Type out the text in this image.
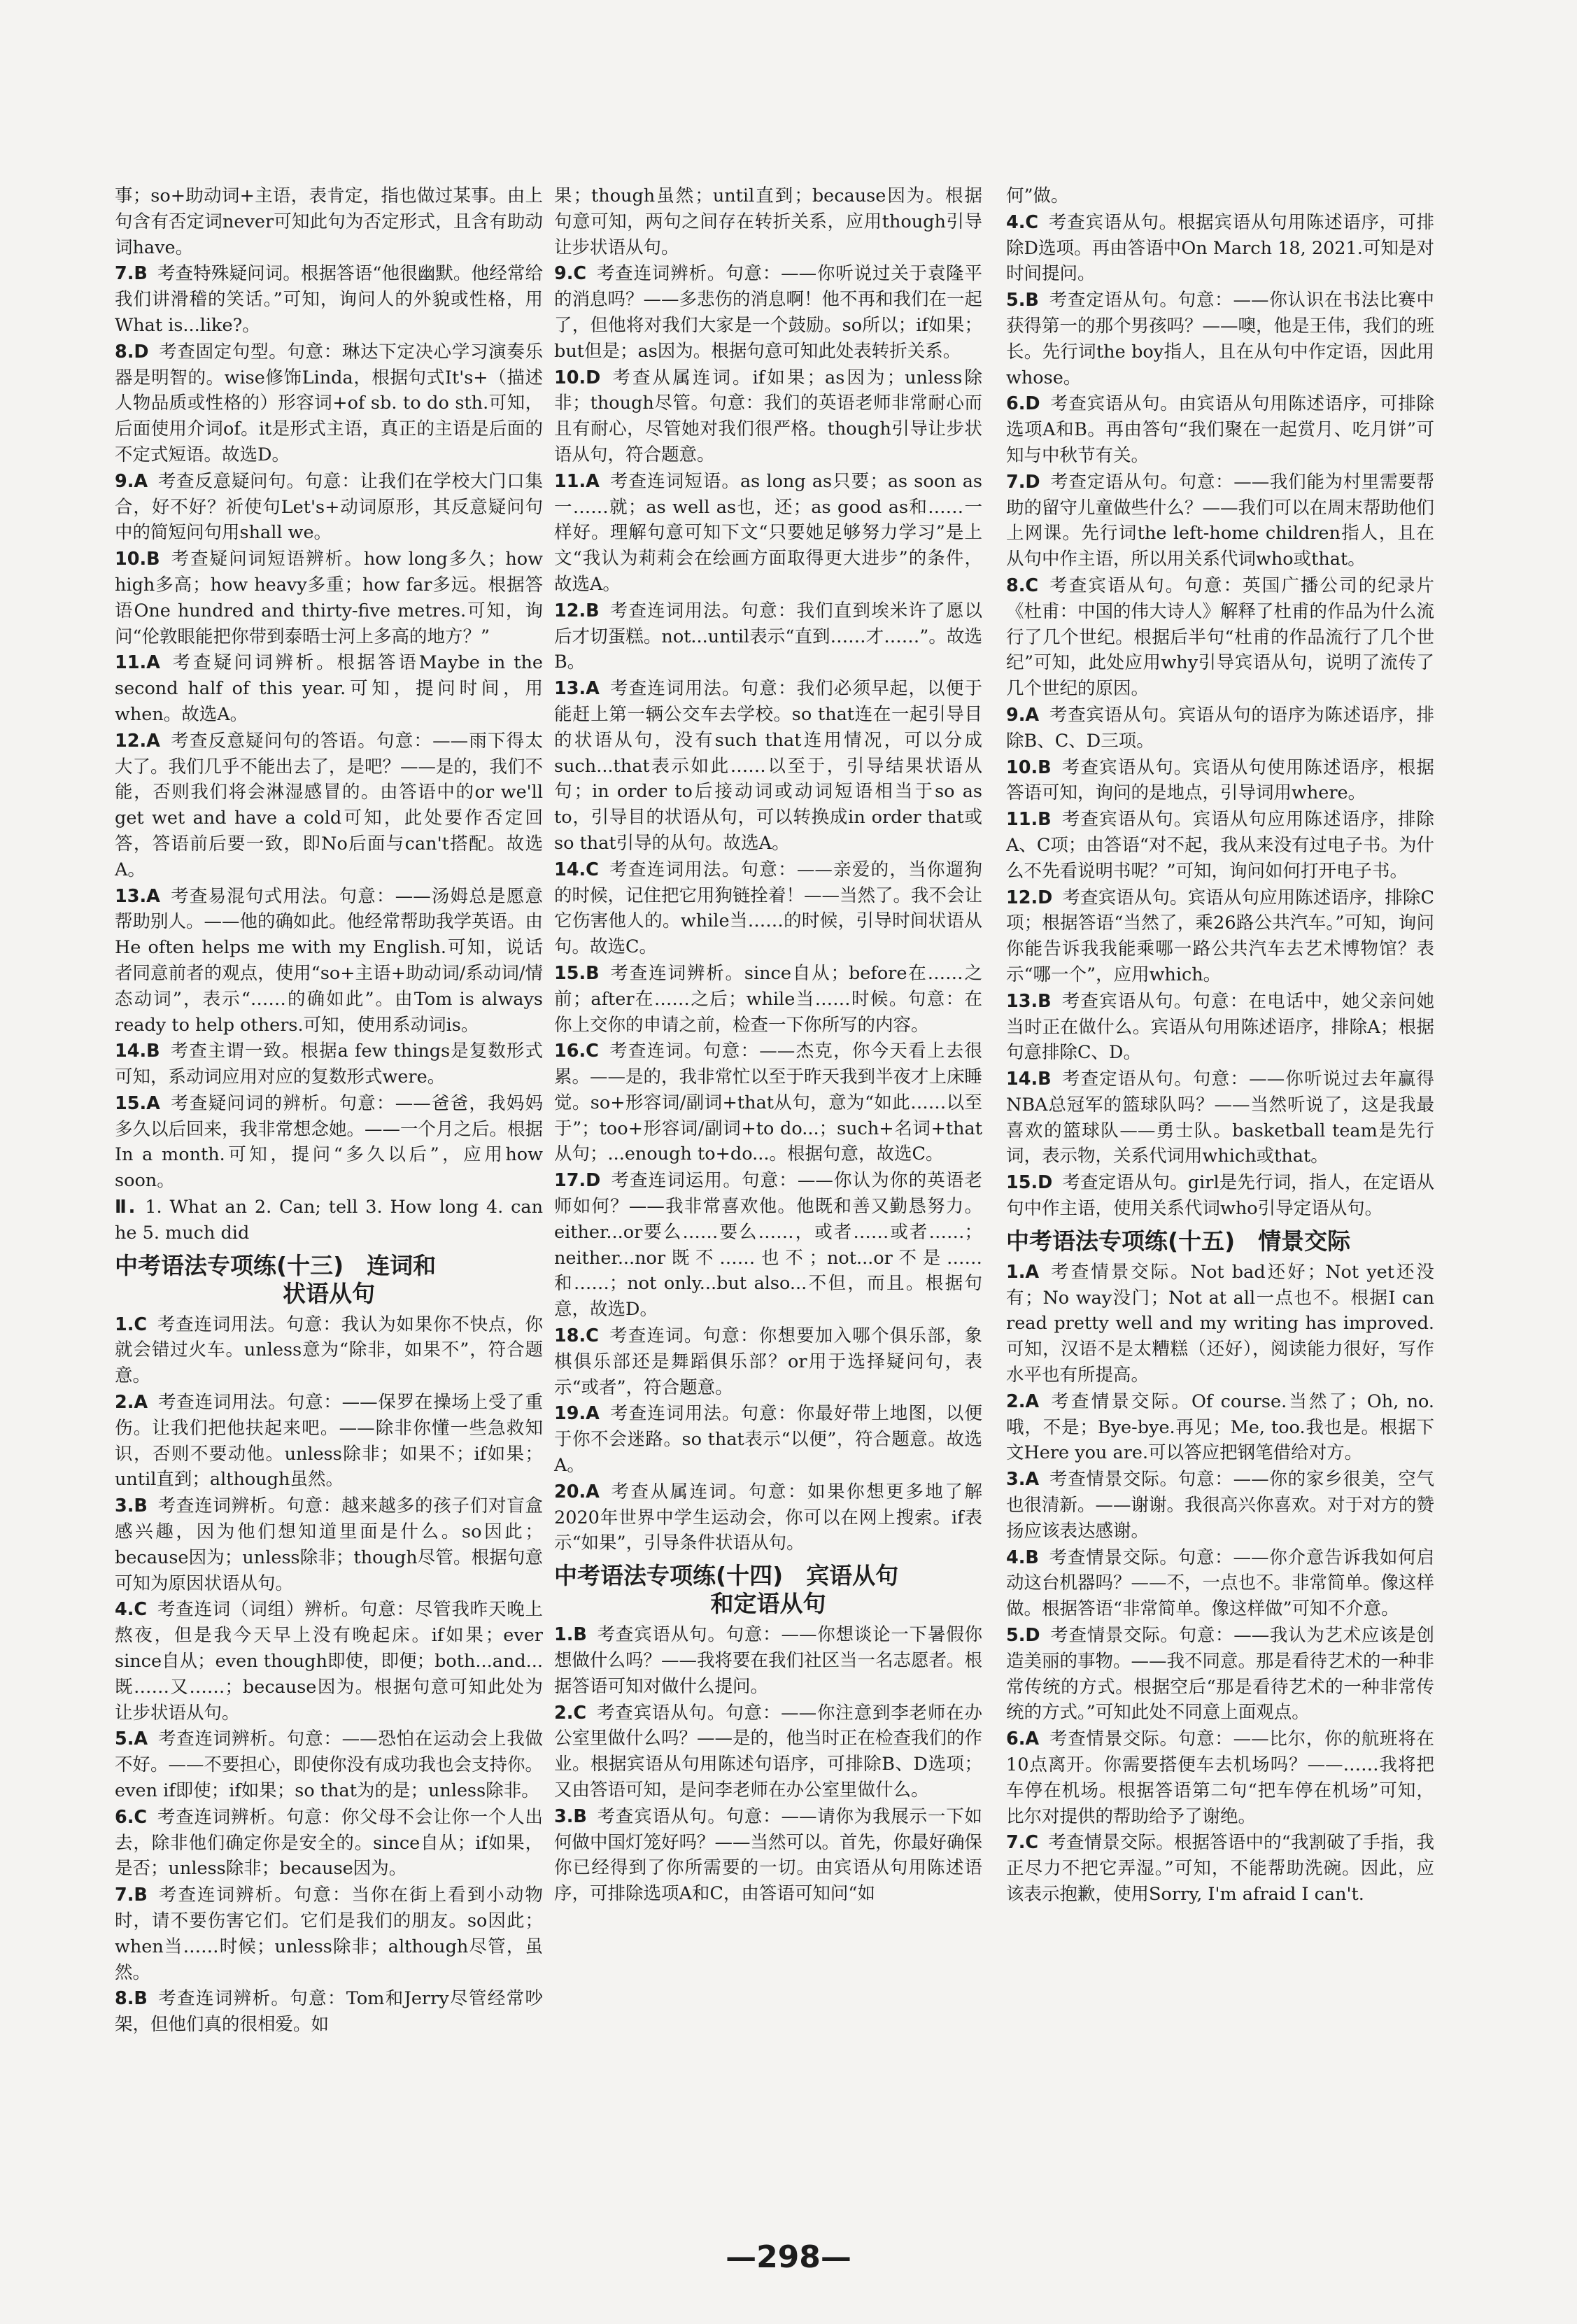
事；so+助动词+主语，表肯定，指也做过某事。由上句含有否定词never可知此句为否定形式，且含有助动词have。
7.B 考查特殊疑问词。根据答语“他很幽默。他经常给我们讲滑稽的笑话。”可知，询问人的外貌或性格，用What is...like?。
8.D 考查固定句型。句意：琳达下定决心学习演奏乐器是明智的。wise修饰Linda，根据句式It's+（描述人物品质或性格的）形容词+of sb. to do sth.可知，后面使用介词of。it是形式主语，真正的主语是后面的不定式短语。故选D。
9.A 考查反意疑问句。句意：让我们在学校大门口集合，好不好？祈使句Let's+动词原形，其反意疑问句中的简短问句用shall we。
10.B 考查疑问词短语辨析。how long多久；how high多高；how heavy多重；how far多远。根据答语One hundred and thirty-five metres.可知，询问“伦敦眼能把你带到泰晤士河上多高的地方？”
11.A 考查疑问词辨析。根据答语Maybe in the second half of this year.可知，提问时间，用when。故选A。
12.A 考查反意疑问句的答语。句意：——雨下得太大了。我们几乎不能出去了，是吧？——是的，我们不能，否则我们将会淋湿感冒的。由答语中的or we'll get wet and have a cold可知，此处要作否定回答，答语前后要一致，即No后面与can't搭配。故选A。
13.A 考查易混句式用法。句意：——汤姆总是愿意帮助别人。——他的确如此。他经常帮助我学英语。由He often helps me with my English.可知，说话者同意前者的观点，使用“so+主语+助动词/系动词/情态动词”，表示“……的确如此”。由Tom is always ready to help others.可知，使用系动词is。
14.B 考查主谓一致。根据a few things是复数形式可知，系动词应用对应的复数形式were。
15.A 考查疑问词的辨析。句意：——爸爸，我妈妈多久以后回来，我非常想念她。——一个月之后。根据In a month.可知，提问“多久以后”，应用how soon。
Ⅱ. 1. What an 2. Can; tell 3. How long 4. can he 5. much did
中考语法专项练(十三)　连词和
状语从句
1.C 考查连词用法。句意：我认为如果你不快点，你就会错过火车。unless意为“除非，如果不”，符合题意。
2.A 考查连词用法。句意：——保罗在操场上受了重伤。让我们把他扶起来吧。——除非你懂一些急救知识，否则不要动他。unless除非；如果不；if如果；until直到；although虽然。
3.B 考查连词辨析。句意：越来越多的孩子们对盲盒感兴趣，因为他们想知道里面是什么。so因此；because因为；unless除非；though尽管。根据句意可知为原因状语从句。
4.C 考查连词（词组）辨析。句意：尽管我昨天晚上熬夜，但是我今天早上没有晚起床。if如果；ever since自从；even though即使，即便；both...and...既……又……；because因为。根据句意可知此处为让步状语从句。
5.A 考查连词辨析。句意：——恐怕在运动会上我做不好。——不要担心，即使你没有成功我也会支持你。even if即使；if如果；so that为的是；unless除非。
6.C 考查连词辨析。句意：你父母不会让你一个人出去，除非他们确定你是安全的。since自从；if如果，是否；unless除非；because因为。
7.B 考查连词辨析。句意：当你在街上看到小动物时，请不要伤害它们。它们是我们的朋友。so因此；when当……时候；unless除非；although尽管，虽然。
8.B 考查连词辨析。句意：Tom和Jerry尽管经常吵架，但他们真的很相爱。如
果；though虽然；until直到；because因为。根据句意可知，两句之间存在转折关系，应用though引导让步状语从句。
9.C 考查连词辨析。句意：——你听说过关于袁隆平的消息吗？——多悲伤的消息啊！他不再和我们在一起了，但他将对我们大家是一个鼓励。so所以；if如果；but但是；as因为。根据句意可知此处表转折关系。
10.D 考查从属连词。if如果；as因为；unless除非；though尽管。句意：我们的英语老师非常耐心而且有耐心，尽管她对我们很严格。though引导让步状语从句，符合题意。
11.A 考查连词短语。as long as只要；as soon as一……就；as well as也，还；as good as和……一样好。理解句意可知下文“只要她足够努力学习”是上文“我认为莉莉会在绘画方面取得更大进步”的条件，故选A。
12.B 考查连词用法。句意：我们直到埃米许了愿以后才切蛋糕。not...until表示“直到……才……”。故选B。
13.A 考查连词用法。句意：我们必须早起，以便于能赶上第一辆公交车去学校。so that连在一起引导目的状语从句，没有such that连用情况，可以分成such...that表示如此……以至于，引导结果状语从句；in order to后接动词或动词短语相当于so as to，引导目的状语从句，可以转换成in order that或so that引导的从句。故选A。
14.C 考查连词用法。句意：——亲爱的，当你遛狗的时候，记住把它用狗链拴着！——当然了。我不会让它伤害他人的。while当……的时候，引导时间状语从句。故选C。
15.B 考查连词辨析。since自从；before在……之前；after在……之后；while当……时候。句意：在你上交你的申请之前，检查一下你所写的内容。
16.C 考查连词。句意：——杰克，你今天看上去很累。——是的，我非常忙以至于昨天我到半夜才上床睡觉。so+形容词/副词+that从句，意为“如此……以至于”；too+形容词/副词+to do...；such+名词+that从句；...enough to+do...。根据句意，故选C。
17.D 考查连词运用。句意：——你认为你的英语老师如何？——我非常喜欢他。他既和善又勤恳努力。either...or要么……要么……，或者……或者……；neither...nor既不……也不；not...or不是……和……；not only...but also...不但，而且。根据句意，故选D。
18.C 考查连词。句意：你想要加入哪个俱乐部，象棋俱乐部还是舞蹈俱乐部？or用于选择疑问句，表示“或者”，符合题意。
19.A 考查连词用法。句意：你最好带上地图，以便于你不会迷路。so that表示“以便”，符合题意。故选A。
20.A 考查从属连词。句意：如果你想更多地了解2020年世界中学生运动会，你可以在网上搜索。if表示“如果”，引导条件状语从句。
中考语法专项练(十四)　宾语从句
和定语从句
1.B 考查宾语从句。句意：——你想谈论一下暑假你想做什么吗？——我将要在我们社区当一名志愿者。根据答语可知对做什么提问。
2.C 考查宾语从句。句意：——你注意到李老师在办公室里做什么吗？——是的，他当时正在检查我们的作业。根据宾语从句用陈述句语序，可排除B、D选项；又由答语可知，是问李老师在办公室里做什么。
3.B 考查宾语从句。句意：——请你为我展示一下如何做中国灯笼好吗？——当然可以。首先，你最好确保你已经得到了你所需要的一切。由宾语从句用陈述语序，可排除选项A和C，由答语可知问“如
何”做。
4.C 考查宾语从句。根据宾语从句用陈述语序，可排除D选项。再由答语中On March 18, 2021.可知是对时间提问。
5.B 考查定语从句。句意：——你认识在书法比赛中获得第一的那个男孩吗？——噢，他是王伟，我们的班长。先行词the boy指人，且在从句中作定语，因此用whose。
6.D 考查宾语从句。由宾语从句用陈述语序，可排除选项A和B。再由答句“我们聚在一起赏月、吃月饼”可知与中秋节有关。
7.D 考查定语从句。句意：——我们能为村里需要帮助的留守儿童做些什么？——我们可以在周末帮助他们上网课。先行词the left-home children指人，且在从句中作主语，所以用关系代词who或that。
8.C 考查宾语从句。句意：英国广播公司的纪录片《杜甫：中国的伟大诗人》解释了杜甫的作品为什么流行了几个世纪。根据后半句“杜甫的作品流行了几个世纪”可知，此处应用why引导宾语从句，说明了流传了几个世纪的原因。
9.A 考查宾语从句。宾语从句的语序为陈述语序，排除B、C、D三项。
10.B 考查宾语从句。宾语从句使用陈述语序，根据答语可知，询问的是地点，引导词用where。
11.B 考查宾语从句。宾语从句应用陈述语序，排除A、C项；由答语“对不起，我从来没有过电子书。为什么不先看说明书呢？”可知，询问如何打开电子书。
12.D 考查宾语从句。宾语从句应用陈述语序，排除C项；根据答语“当然了，乘26路公共汽车。”可知，询问你能告诉我我能乘哪一路公共汽车去艺术博物馆？表示“哪一个”，应用which。
13.B 考查宾语从句。句意：在电话中，她父亲问她当时正在做什么。宾语从句用陈述语序，排除A；根据句意排除C、D。
14.B 考查定语从句。句意：——你听说过去年赢得NBA总冠军的篮球队吗？——当然听说了，这是我最喜欢的篮球队——勇士队。basketball team是先行词，表示物，关系代词用which或that。
15.D 考查定语从句。girl是先行词，指人，在定语从句中作主语，使用关系代词who引导定语从句。
中考语法专项练(十五)　情景交际
1.A 考查情景交际。Not bad还好；Not yet还没有；No way没门；Not at all一点也不。根据I can read pretty well and my writing has improved.可知，汉语不是太糟糕（还好），阅读能力很好，写作水平也有所提高。
2.A 考查情景交际。Of course.当然了；Oh, no.哦，不是；Bye-bye.再见；Me, too.我也是。根据下文Here you are.可以答应把钢笔借给对方。
3.A 考查情景交际。句意：——你的家乡很美，空气也很清新。——谢谢。我很高兴你喜欢。对于对方的赞扬应该表达感谢。
4.B 考查情景交际。句意：——你介意告诉我如何启动这台机器吗？——不，一点也不。非常简单。像这样做。根据答语“非常简单。像这样做”可知不介意。
5.D 考查情景交际。句意：——我认为艺术应该是创造美丽的事物。——我不同意。那是看待艺术的一种非常传统的方式。根据空后“那是看待艺术的一种非常传统的方式。”可知此处不同意上面观点。
6.A 考查情景交际。句意：——比尔，你的航班将在10点离开。你需要搭便车去机场吗？——……我将把车停在机场。根据答语第二句“把车停在机场”可知，比尔对提供的帮助给予了谢绝。
7.C 考查情景交际。根据答语中的“我割破了手指，我正尽力不把它弄湿。”可知，不能帮助洗碗。因此，应该表示抱歉，使用Sorry, I'm afraid I can't.
—298—
